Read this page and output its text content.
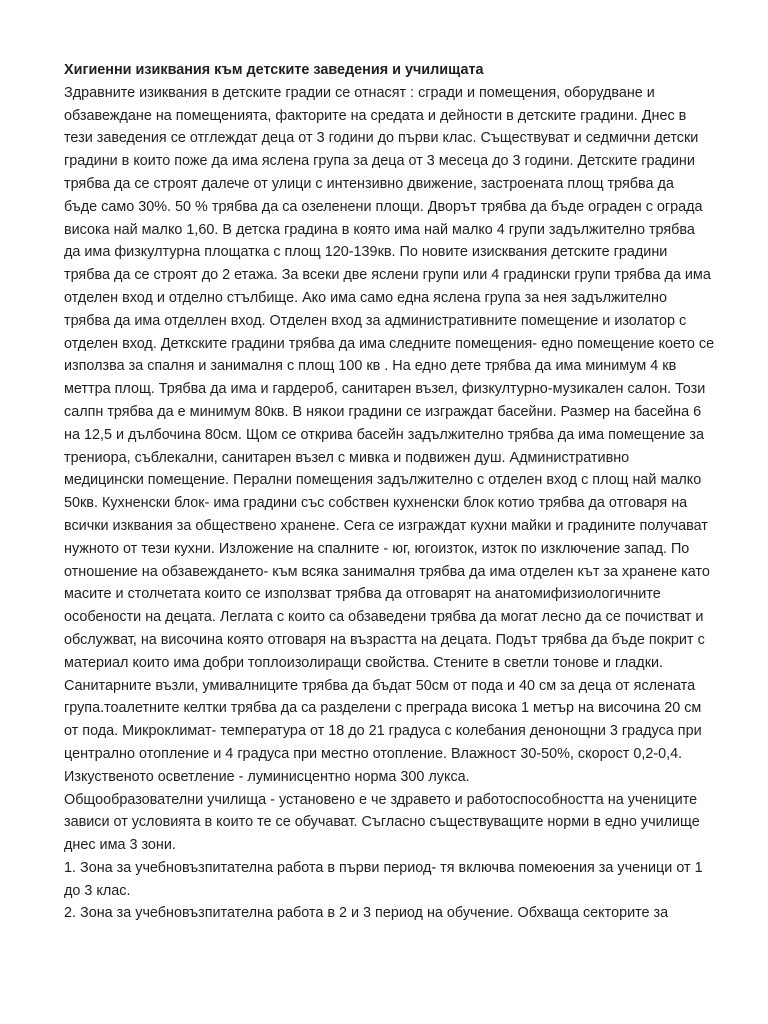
Хигиенни изиквания към детските заведения и училищата
Здравните изиквания в детските градии се отнасят : сгради и помещения, оборудване и
обзавеждане на помещенията, факторите на средата и дейности в детските градини. Днес в
тези заведения се отглеждат деца от 3 години до първи клас. Съществуват и седмични детски
градини в които поже да има яслена група за деца от 3 месеца до 3 години. Детските градини
трябва да се строят далече от улици с интензивно движение, застроената площ трябва да
бъде само 30%. 50 % трябва да са озеленени площи. Дворът трябва да бъде ограден с ограда
висока най малко 1,60. В детска градина в която има най малко 4 групи задължително трябва
да има физкултурна площатка с площ 120-139кв. По новите изисквания детските градини
трябва да се строят до 2 етажа. За всеки две яслени групи или 4 градински групи трябва да има
отделен вход и отделно стълбище. Ако има само една яслена група за нея задължително
трябва да има отделлен вход. Отделен вход за административните помещение и изолатор с
отделен вход. Деткските градини трябва да има следните помещения- едно помещение което се
използва за спалня и занималня с площ 100 кв . На едно дете трябва да има минимум 4 кв
меттра площ. Трябва да има и гардероб, санитарен възел, физкултурно-музикален салон. Този
салпн трябва да е минимум 80кв. В някои градини се изграждат басейни. Размер на басейна 6
на 12,5 и дълбочина 80см. Щом се открива басейн задължително трябва да има помещение за
трениора, съблекални, санитарен възел с мивка и подвижен душ. Административно
медицински помещение. Перални помещения задължително с отделен вход с площ най малко
50кв. Кухненски блок- има градини със собствен кухненски блок котио трябва да отговаря на
всички изквания за обществено хранене. Сега се изграждат кухни майки и градините получават
нужното от тези кухни. Изложение на спалните - юг, югоизток, изток по изключение запад. По
отношение на обзавеждането- към всяка занималня трябва да има отделен кът за хранене като
масите и столчетата които се използват трябва да отговарят на анатомифизиологичните
особености на децата. Леглата с които са обзаведени трябва да могат лесно да се почистват и
обслужват, на височина която отговаря на възрастта на децата. Подът трябва да бъде покрит с
материал които има добри топлоизолиращи свойства. Стените в светли тонове и гладки.
Санитарните възли, умивалниците трябва да бъдат 50см от пода и 40 см за деца от яслената
група.тоалетните келтки трябва да са разделени с преграда висока 1 метър на височина 20 см
от пода. Микроклимат- температура от 18 до 21 градуса с колебания денонощни 3 градуса при
централно отопление и 4 градуса при местно отопление. Влажност 30-50%, скорост 0,2-0,4.
Изкуственото осветление - луминисцентно норма 300 лукса.
Общообразователни училища - установено е че здравето и работоспособността на учениците
зависи от условията в които те се обучават. Съгласно съществуващите норми в едно училище
днес има 3 зони.
1. Зона за учебновъзпитателна работа в първи период- тя включва помеюения за ученици от 1
до 3 клас.
2. Зона за учебновъзпитателна работа в 2 и 3 период на обучение. Обхваща секторите за
